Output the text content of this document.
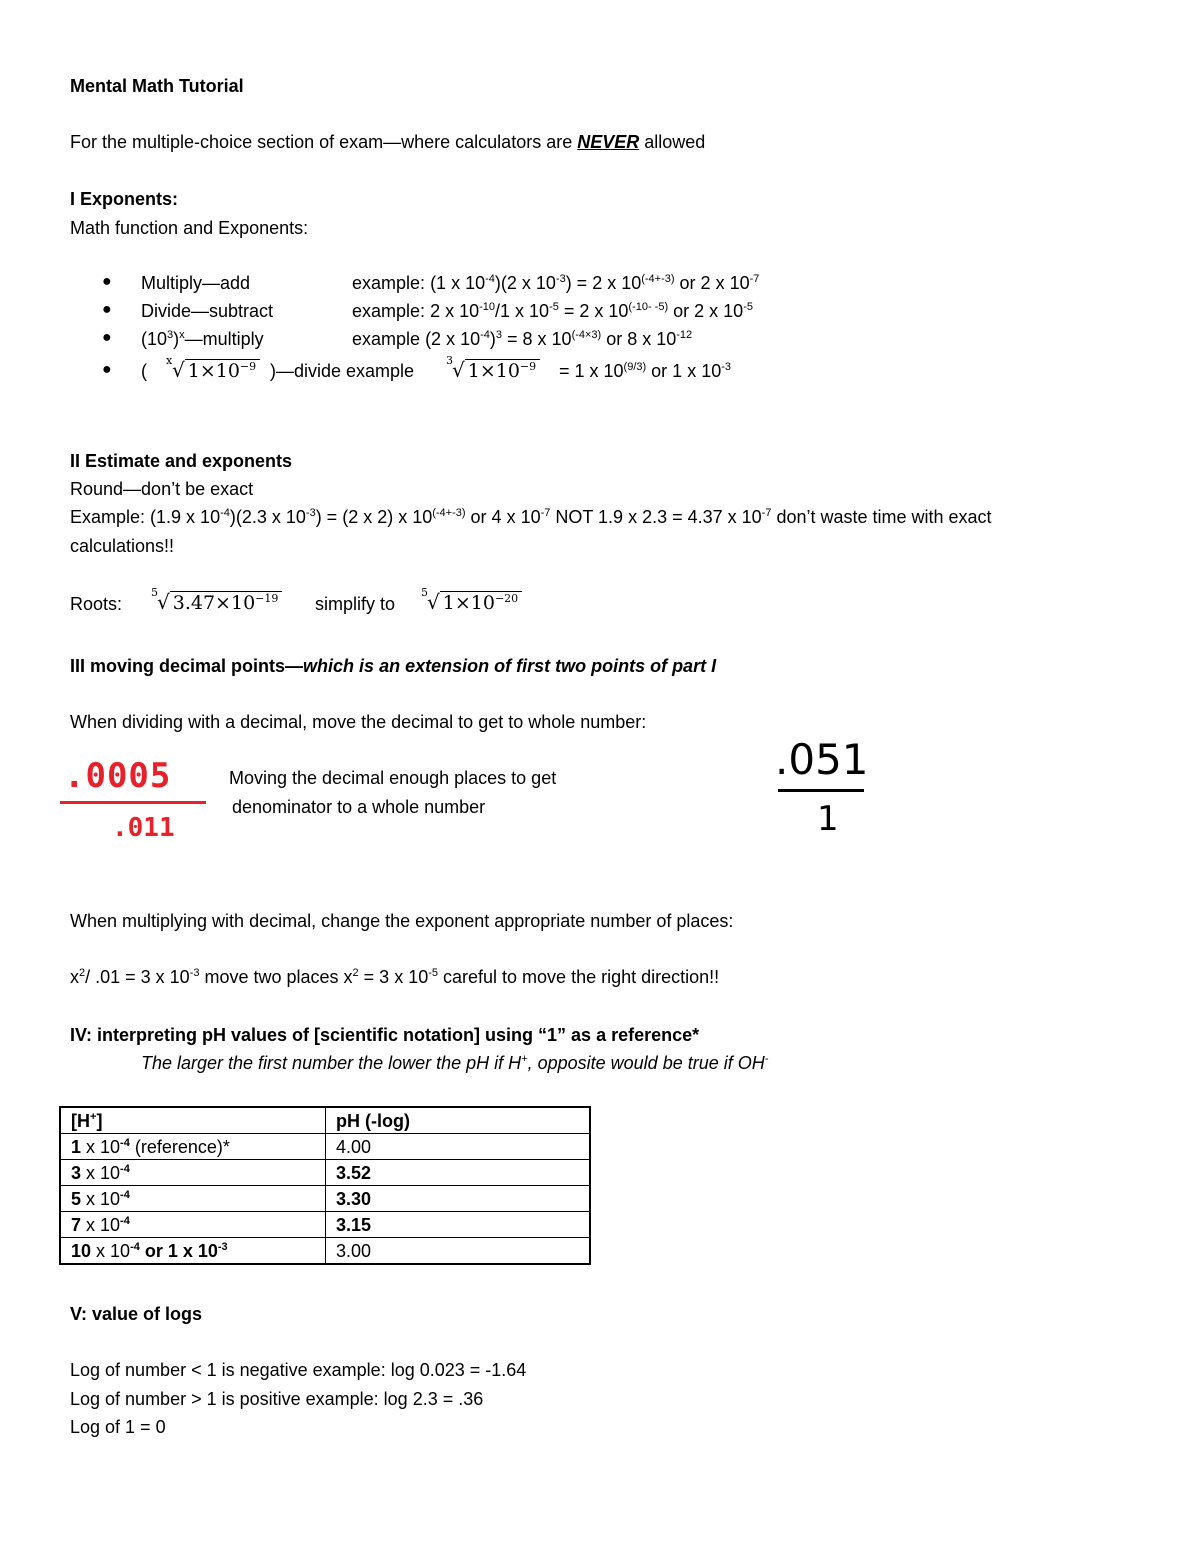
Mental Math Tutorial
For the multiple-choice section of exam—where calculators are NEVER allowed
I Exponents:
Math function and Exponents:
● Multiply—add	example: (1 x $10^{-4})(2$ x $10^{-3}) = 2$ x $10^{(-4+-3)}$ or 2 x $10^{-7}$
● Divide—subtract	example: 2 x $10^{-10}/1$ x $10^{-5} = 2$ x $10^{(-10- -5)}$ or 2 x $10^{-5}$
● $(10^3)^x—multiply$	example (2 x $10^{-4})^3 = 8$ x $10^{(-4\times 3)}$ or 8 x $10^{-12}$
● (
x √ $1\times 10^{-9}$ )—divide example
3 √ $1\times 10^{-9} = 1$ x $10^{(9/3)}$ or 1 x $10^{-3}$
II Estimate and exponents
Round—don’t be exact
Example: (1.9 x $10^{-4})(2.3$ x $10^{-3}) = (2$ x 2) x $10^{(-4+-3)}$ or 4 x $10^{-7}$ NOT 1.9 x 2.3 = 4.37 x $10^{-7}$ don’t waste time with exact
calculations!!
Roots:
5 √ $3.47\times 10^{-19}$ simplify to
5 √ $1\times 10^{-20}$
III moving decimal points—which is an extension of first two points of part I
When dividing with a decimal, move the decimal to get to whole number:
.0005
.011
Moving the decimal enough places to get
denominator to a whole number
.051
1
When multiplying with decimal, change the exponent appropriate number of places:
$x^2/$ .01 = 3 x $10^{-3}$ move two places $x^2 = 3$ x $10^{-5}$ careful to move the right direction!!
IV: interpreting pH values of [scientific notation] using “1” as a reference*
The larger the first number the lower the pH if H+, opposite would be true if OH-
[H+]	pH (-log)
1 x $10^{-4}$ (reference)*	4.00
3 x $10^{-4}$	3.52
5 x $10^{-4}$	3.30
7 x $10^{-4}$	3.15
10 x $10^{-4}$ or 1 x $10^{-3}$	3.00
V: value of logs
Log of number < 1 is negative example: log 0.023 = -1.64
Log of number > 1 is positive example: log 2.3 = .36
Log of 1 = 0
